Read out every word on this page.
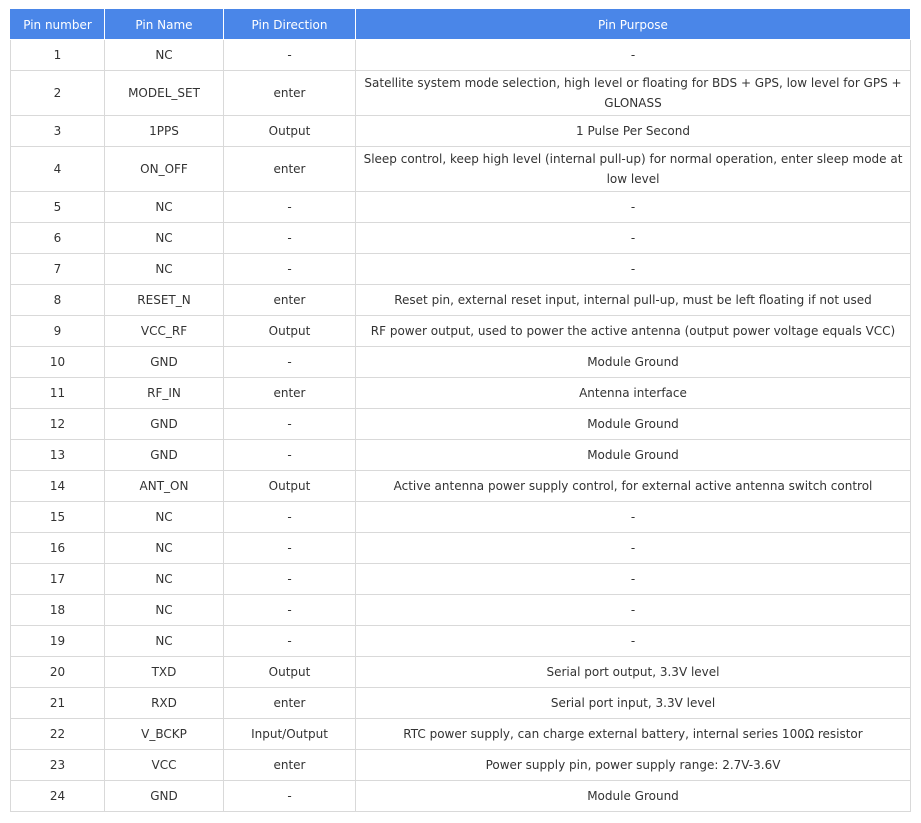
Pin number	Pin Name	Pin Direction	Pin Purpose
1	NC	-	-
2	MODEL_SET	enter	Satellite system mode selection, high level or floating for BDS + GPS, low level for GPS + GLONASS
3	1PPS	Output	1 Pulse Per Second
4	ON_OFF	enter	Sleep control, keep high level (internal pull-up) for normal operation, enter sleep mode at low level
5	NC	-	-
6	NC	-	-
7	NC	-	-
8	RESET_N	enter	Reset pin, external reset input, internal pull-up, must be left floating if not used
9	VCC_RF	Output	RF power output, used to power the active antenna (output power voltage equals VCC)
10	GND	-	Module Ground
11	RF_IN	enter	Antenna interface
12	GND	-	Module Ground
13	GND	-	Module Ground
14	ANT_ON	Output	Active antenna power supply control, for external active antenna switch control
15	NC	-	-
16	NC	-	-
17	NC	-	-
18	NC	-	-
19	NC	-	-
20	TXD	Output	Serial port output, 3.3V level
21	RXD	enter	Serial port input, 3.3V level
22	V_BCKP	Input/Output	RTC power supply, can charge external battery, internal series 100Ω resistor
23	VCC	enter	Power supply pin, power supply range: 2.7V-3.6V
24	GND	-	Module Ground
